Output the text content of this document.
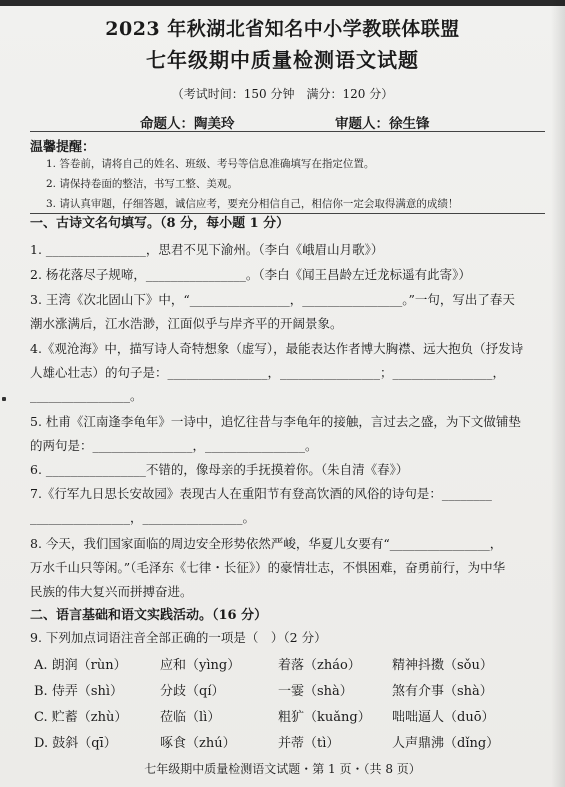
2023 年秋湖北省知名中小学教联体联盟
七年级期中质量检测语文试题
（考试时间：150 分钟　满分：120 分）
命题人：陶美玲	审题人：徐生锋
温馨提醒：
1. 答卷前，请将自己的姓名、班级、考号等信息准确填写在指定位置。
2. 请保持卷面的整洁，书写工整、美观。
3. 请认真审题，仔细答题，诚信应考，要充分相信自己，相信你一定会取得满意的成绩！
一、古诗文名句填写。（8 分，每小题 1 分）
1. ________________，思君不见下渝州。（李白《峨眉山月歌》）
2. 杨花落尽子规啼，________________。（李白《闻王昌龄左迁龙标遥有此寄》）
3. 王湾《次北固山下》中，“________________，________________。”一句，写出了春天
潮水涨满后，江水浩渺，江面似乎与岸齐平的开阔景象。
4.《观沧海》中，描写诗人奇特想象（虚写），最能表达作者博大胸襟、远大抱负（抒发诗
人雄心壮志）的句子是：________________，________________；________________，
________________。
5. 杜甫《江南逢李龟年》一诗中，追忆往昔与李龟年的接触，言过去之盛，为下文做铺垫
的两句是：________________，________________。
6. ________________不错的，像母亲的手抚摸着你。（朱自清《春》）
7.《行军九日思长安故园》表现古人在重阳节有登高饮酒的风俗的诗句是：________
________________，________________。
8. 今天，我们国家面临的周边安全形势依然严峻，华夏儿女要有“________________，
万水千山只等闲。”（毛泽东《七律・长征》）的豪情壮志，不惧困难，奋勇前行，为中华
民族的伟大复兴而拼搏奋进。
二、语言基础和语文实践活动。（16 分）
9. 下列加点词语注音全部正确的一项是（　）（2 分）
A. 朗润（rùn）	应和（yìng）	着落（zháo） 精神抖擞（sǒu）
B. 侍弄（shì）	分歧（qí）	一霎（shà）	煞有介事（shà）
C. 贮蓄（zhù）	莅临（lì）	粗犷（kuǎng） 咄咄逼人（duō）
D. 鼓斜（qī）	啄食（zhú）	并蒂（tì）	人声鼎沸（dǐng）
七年级期中质量检测语文试题・第 1 页・（共 8 页）
